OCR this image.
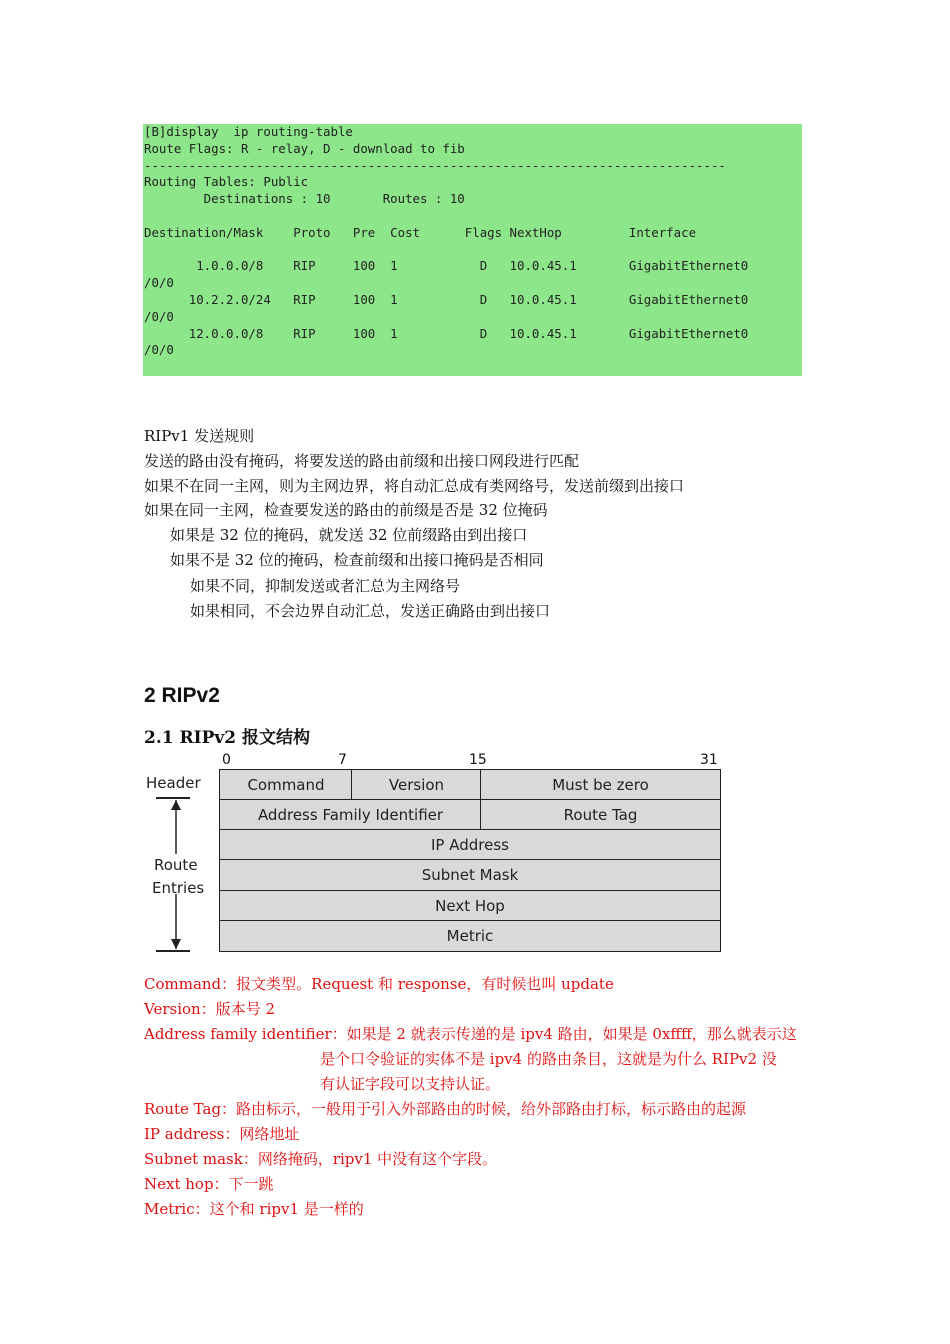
[B]display  ip routing-table
Route Flags: R - relay, D - download to fib
------------------------------------------------------------------------------
Routing Tables: Public
Destinations : 10       Routes : 10
Destination/Mask    Proto   Pre  Cost      Flags NextHop         Interface
1.0.0.0/8    RIP     100  1           D   10.0.45.1       GigabitEthernet0
/0/0
10.2.2.0/24   RIP     100  1           D   10.0.45.1       GigabitEthernet0
/0/0
12.0.0.0/8    RIP     100  1           D   10.0.45.1       GigabitEthernet0
/0/0
RIPv1 发送规则
发送的路由没有掩码，将要发送的路由前缀和出接口网段进行匹配
如果不在同一主网，则为主网边界，将自动汇总成有类网络号，发送前缀到出接口
如果在同一主网，检查要发送的路由的前缀是否是 32 位掩码
如果是 32 位的掩码，就发送 32 位前缀路由到出接口
如果不是 32 位的掩码，检查前缀和出接口掩码是否相同
如果不同，抑制发送或者汇总为主网络号
如果相同，不会边界自动汇总，发送正确路由到出接口
2 RIPv2
2.1 RIPv2 报文结构
0	7	15	31
Header
Route
Entries
Command	Version	Must be zero
Address Family Identifier	Route Tag
IP Address
Subnet Mask
Next Hop
Metric
Command：报文类型。Request 和 response，有时候也叫 update
Version：版本号 2
Address family identifier：如果是 2 就表示传递的是 ipv4 路由，如果是 0xffff，那么就表示这
是个口令验证的实体不是 ipv4 的路由条目，这就是为什么 RIPv2 没
有认证字段可以支持认证。
Route Tag：路由标示，一般用于引入外部路由的时候，给外部路由打标，标示路由的起源
IP address：网络地址
Subnet mask：网络掩码，ripv1 中没有这个字段。
Next hop：下一跳
Metric：这个和 ripv1 是一样的
